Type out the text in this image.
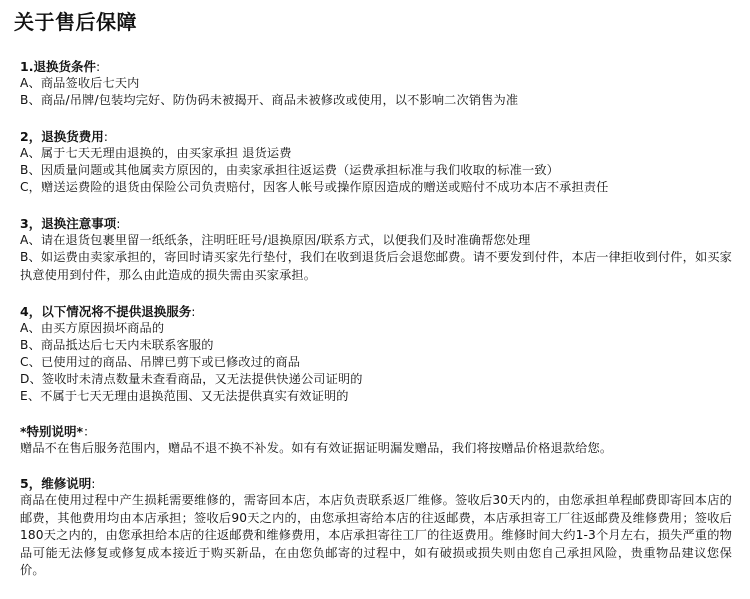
关于售后保障
1.退换货条件:
A、商品签收后七天内
B、商品/吊牌/包装均完好、防伪码未被揭开、商品未被修改或使用，以不影响二次销售为准
2，退换货费用:
A、属于七天无理由退换的，由买家承担 退货运费
B、因质量问题或其他属卖方原因的，由卖家承担往返运费（运费承担标准与我们收取的标准一致）
C，赠送运费险的退货由保险公司负责赔付，因客人帐号或操作原因造成的赠送或赔付不成功本店不承担责任
3，退换注意事项:
A、请在退货包裹里留一纸纸条，注明旺旺号/退换原因/联系方式，以便我们及时准确帮您处理
B、如运费由卖家承担的，寄回时请买家先行垫付，我们在收到退货后会退您邮费。请不要发到付件，本店一律拒收到付件，如买家执意使用到付件，那么由此造成的损失需由买家承担。
4，以下情况将不提供退换服务:
A、由买方原因损坏商品的
B、商品抵达后七天内未联系客服的
C、已使用过的商品、吊牌已剪下或已修改过的商品
D、签收时未清点数量未查看商品，又无法提供快递公司证明的
E、不属于七天无理由退换范围、又无法提供真实有效证明的
*特别说明*：
赠品不在售后服务范围内，赠品不退不换不补发。如有有效证据证明漏发赠品，我们将按赠品价格退款给您。
5，维修说明:
商品在使用过程中产生损耗需要维修的，需寄回本店，本店负责联系返厂维修。签收后30天内的，由您承担单程邮费即寄回本店的邮费，其他费用均由本店承担；签收后90天之内的，由您承担寄给本店的往返邮费，本店承担寄工厂往返邮费及维修费用；签收后180天之内的，由您承担给本店的往返邮费和维修费用，本店承担寄往工厂的往返费用。维修时间大约1-3个月左右，损失严重的物品可能无法修复或修复成本接近于购买新品，在由您负邮寄的过程中，如有破损或损失则由您自己承担风险，贵重物品建议您保价。
